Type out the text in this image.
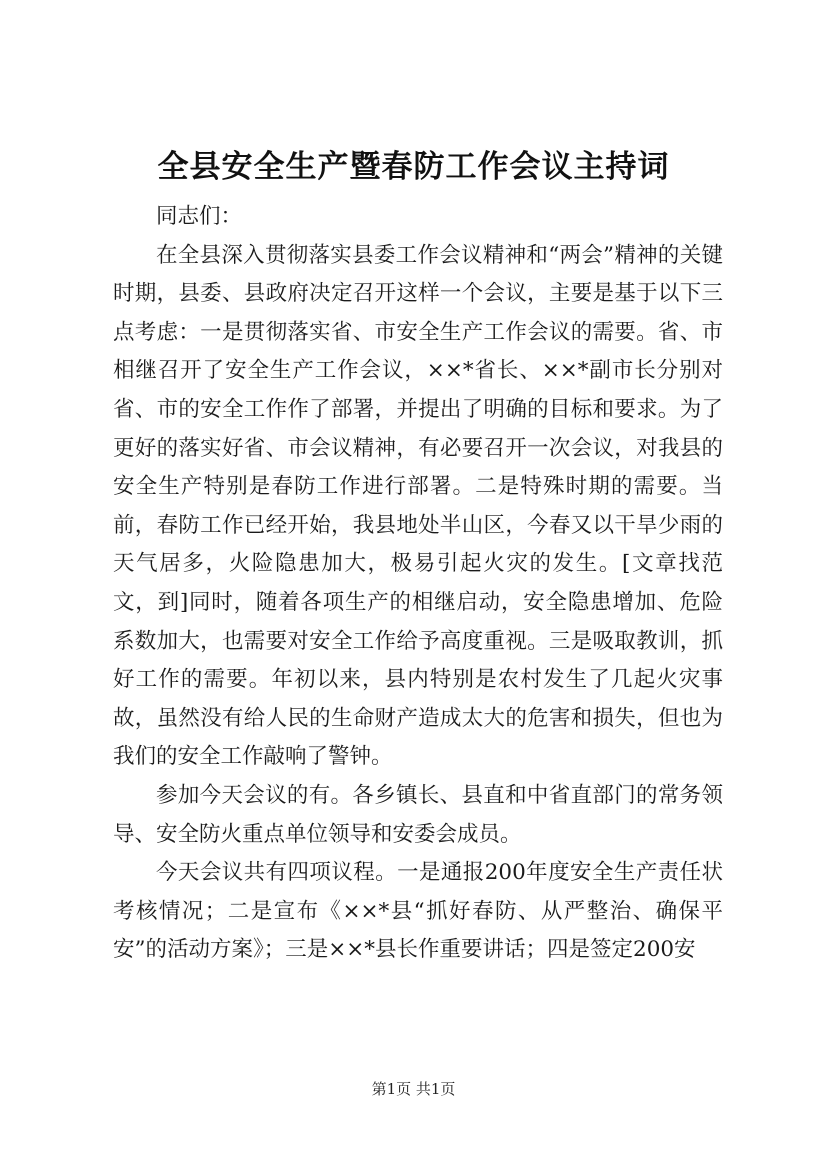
全县安全生产暨春防工作会议主持词

同志们：

在全县深入贯彻落实县委工作会议精神和“两会”精神的关键时期，县委、县政府决定召开这样一个会议，主要是基于以下三点考虑：一是贯彻落实省、市安全生产工作会议的需要。省、市相继召开了安全生产工作会议，××*省长、××*副市长分别对省、市的安全工作作了部署，并提出了明确的目标和要求。为了更好的落实好省、市会议精神，有必要召开一次会议，对我县的安全生产特别是春防工作进行部署。二是特殊时期的需要。当前，春防工作已经开始，我县地处半山区，今春又以干旱少雨的天气居多，火险隐患加大，极易引起火灾的发生。[文章找范文，到]同时，随着各项生产的相继启动，安全隐患增加、危险系数加大，也需要对安全工作给予高度重视。三是吸取教训，抓好工作的需要。年初以来，县内特别是农村发生了几起火灾事故，虽然没有给人民的生命财产造成太大的危害和损失，但也为我们的安全工作敲响了警钟。

参加今天会议的有。各乡镇长、县直和中省直部门的常务领导、安全防火重点单位领导和安委会成员。

今天会议共有四项议程。一是通报200年度安全生产责任状考核情况；二是宣布《××*县“抓好春防、从严整治、确保平安”的活动方案》；三是××*县长作重要讲话；四是签定200安

第1页 共1页
